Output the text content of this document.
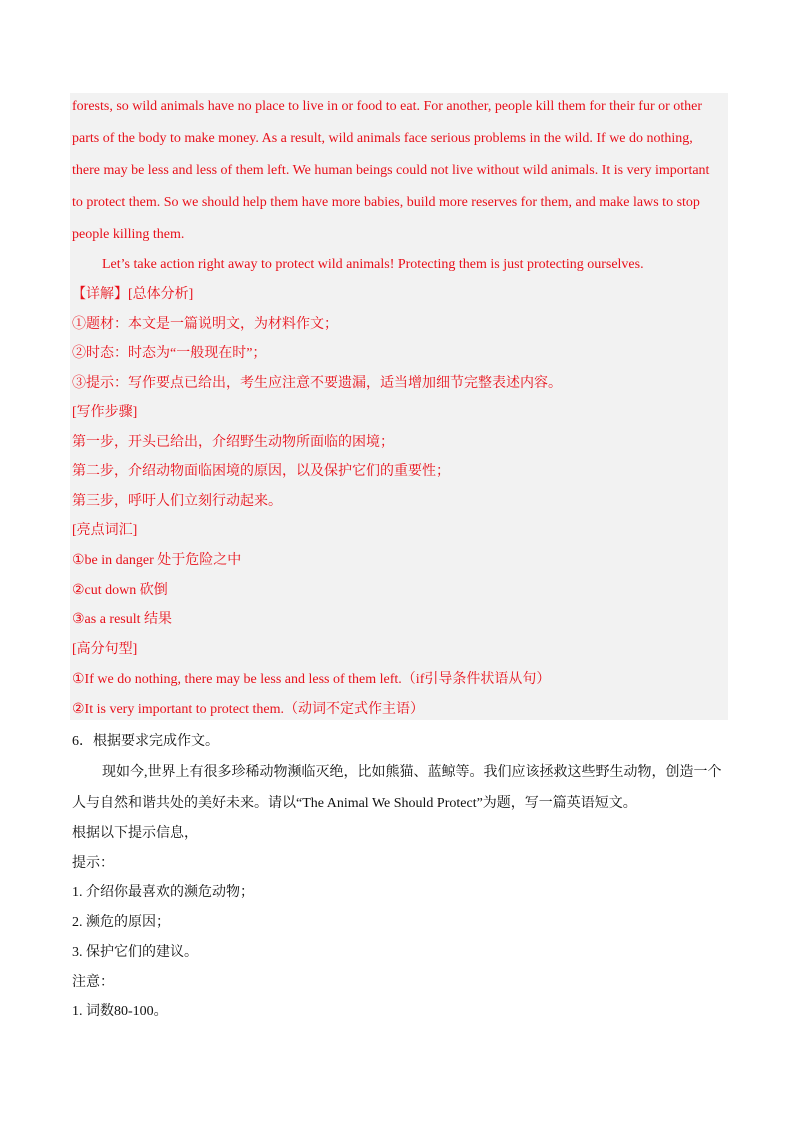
forests, so wild animals have no place to live in or food to eat. For another, people kill them for their fur or other
parts of the body to make money. As a result, wild animals face serious problems in the wild. If we do nothing,
there may be less and less of them left. We human beings could not live without wild animals. It is very important
to protect them. So we should help them have more babies, build more reserves for them, and make laws to stop
people killing them.
Let’s take action right away to protect wild animals! Protecting them is just protecting ourselves.
【详解】[总体分析]
①题材：本文是一篇说明文，为材料作文；
②时态：时态为“一般现在时”；
③提示：写作要点已给出，考生应注意不要遗漏，适当增加细节完整表述内容。
[写作步骤]
第一步，开头已给出，介绍野生动物所面临的困境；
第二步，介绍动物面临困境的原因，以及保护它们的重要性；
第三步，呼吁人们立刻行动起来。
[亮点词汇]
①be in danger 处于危险之中
②cut down 砍倒
③as a result 结果
[高分句型]
①If we do nothing, there may be less and less of them left.（if引导条件状语从句）
②It is very important to protect them.（动词不定式作主语）
6．根据要求完成作文。
现如今,世界上有很多珍稀动物濒临灭绝，比如熊猫、蓝鲸等。我们应该拯救这些野生动物，创造一个
人与自然和谐共处的美好未来。请以“The Animal We Should Protect”为题，写一篇英语短文。
根据以下提示信息，
提示：
1. 介绍你最喜欢的濒危动物；
2. 濒危的原因；
3. 保护它们的建议。
注意：
1. 词数80-100。
